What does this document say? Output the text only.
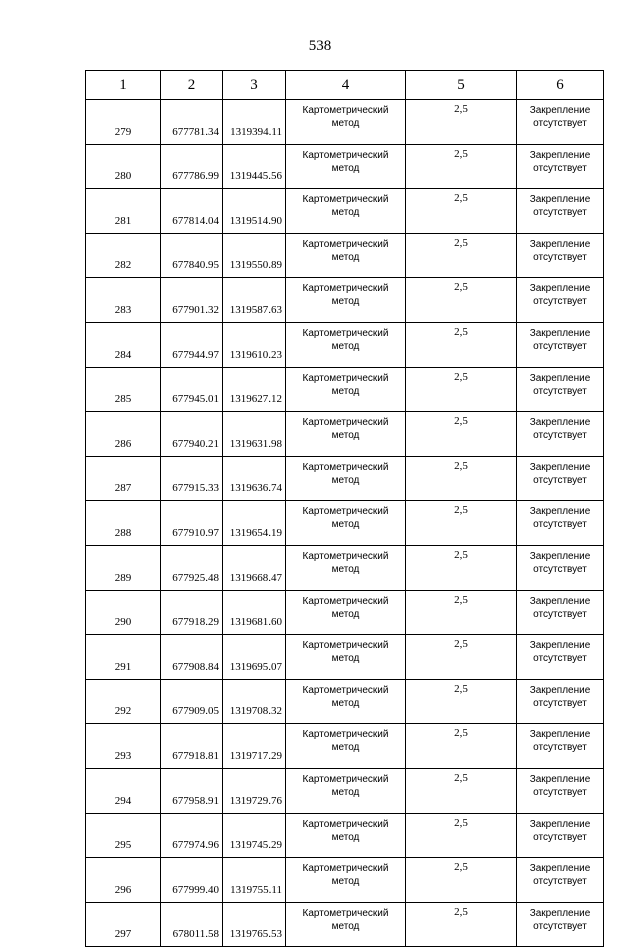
538
1	2	3	4	5	6
279	677781.34	1319394.11	Картометрический
метод	2,5	Закрепление
отсутствует

280	677786.99	1319445.56	Картометрический
метод	2,5	Закрепление
отсутствует

281	677814.04	1319514.90	Картометрический
метод	2,5	Закрепление
отсутствует

282	677840.95	1319550.89	Картометрический
метод	2,5	Закрепление
отсутствует

283	677901.32	1319587.63	Картометрический
метод	2,5	Закрепление
отсутствует

284	677944.97	1319610.23	Картометрический
метод	2,5	Закрепление
отсутствует

285	677945.01	1319627.12	Картометрический
метод	2,5	Закрепление
отсутствует

286	677940.21	1319631.98	Картометрический
метод	2,5	Закрепление
отсутствует

287	677915.33	1319636.74	Картометрический
метод	2,5	Закрепление
отсутствует

288	677910.97	1319654.19	Картометрический
метод	2,5	Закрепление
отсутствует

289	677925.48	1319668.47	Картометрический
метод	2,5	Закрепление
отсутствует

290	677918.29	1319681.60	Картометрический
метод	2,5	Закрепление
отсутствует

291	677908.84	1319695.07	Картометрический
метод	2,5	Закрепление
отсутствует

292	677909.05	1319708.32	Картометрический
метод	2,5	Закрепление
отсутствует

293	677918.81	1319717.29	Картометрический
метод	2,5	Закрепление
отсутствует

294	677958.91	1319729.76	Картометрический
метод	2,5	Закрепление
отсутствует

295	677974.96	1319745.29	Картометрический
метод	2,5	Закрепление
отсутствует

296	677999.40	1319755.11	Картометрический
метод	2,5	Закрепление
отсутствует

297	678011.58	1319765.53	Картометрический
метод	2,5	Закрепление
отсутствует
